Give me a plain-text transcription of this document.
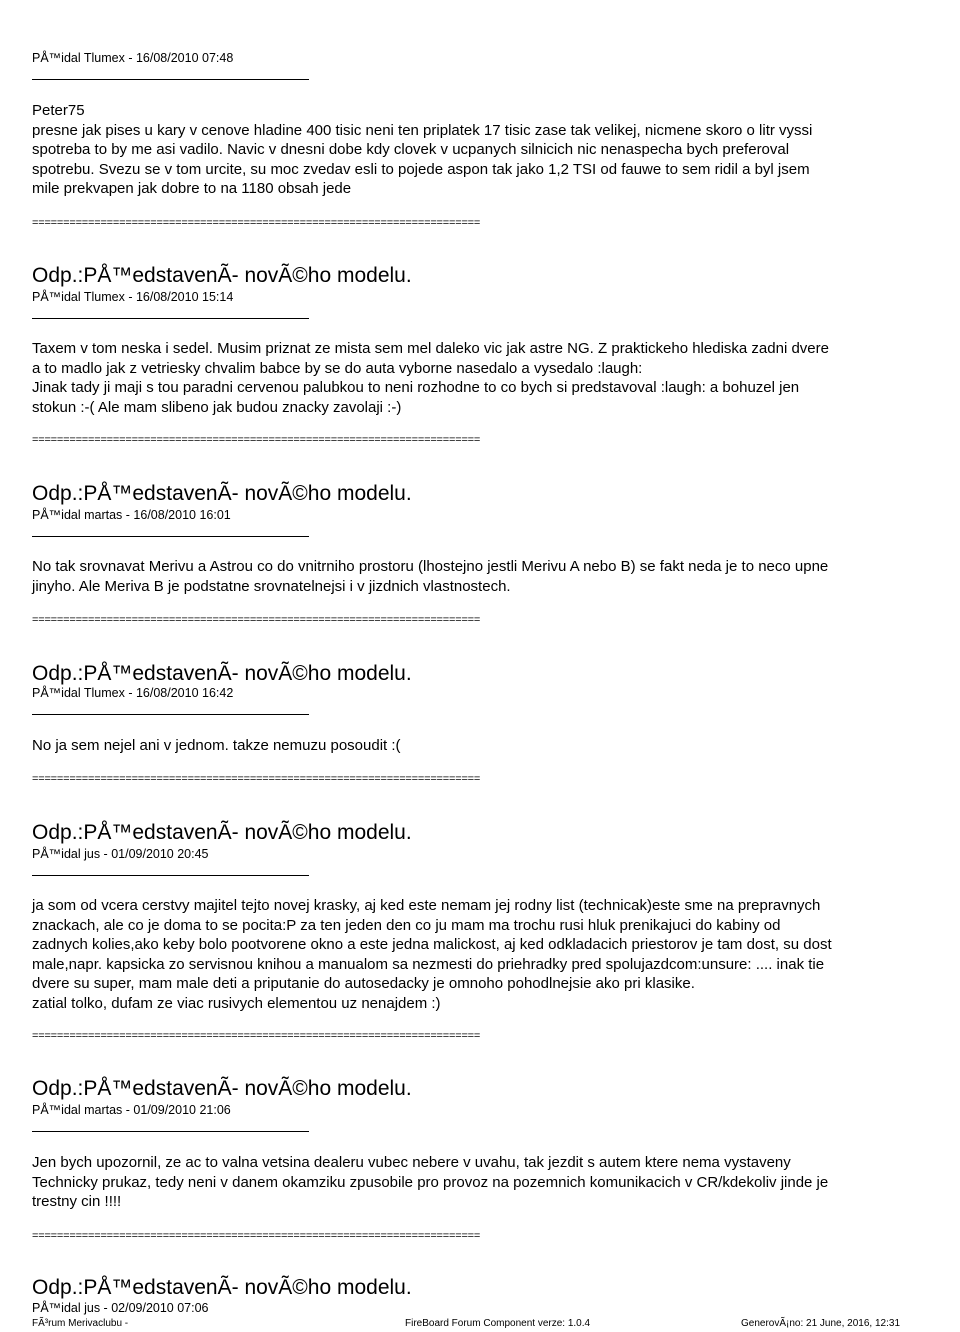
PÅ™idal Tlumex - 16/08/2010 07:48
Peter75
presne jak pises u kary v cenove hladine 400 tisic neni ten priplatek 17 tisic zase tak velikej, nicmene skoro o litr vyssi
spotreba to by me asi vadilo. Navic v dnesni dobe kdy clovek v ucpanych silnicich nic nenaspecha bych preferoval
spotrebu. Svezu se v tom urcite, su moc zvedav esli to pojede aspon tak jako 1,2 TSI od fauwe to sem ridil a byl jsem
mile prekvapen jak dobre to na 1180 obsah jede
========================================================================
Odp.:PÅ™edstavenÃ- novÃ©ho modelu.
PÅ™idal Tlumex - 16/08/2010 15:14
Taxem v tom neska i sedel. Musim priznat ze mista sem mel daleko vic jak astre NG. Z praktickeho hlediska zadni dvere
a to madlo jak z vetriesky chvalim babce by se do auta vyborne nasedalo a vysedalo :laugh:
Jinak tady ji maji s tou paradni cervenou palubkou to neni rozhodne to co bych si predstavoval :laugh: a bohuzel jen
stokun :-( Ale mam slibeno jak budou znacky zavolaji :-)
========================================================================
Odp.:PÅ™edstavenÃ- novÃ©ho modelu.
PÅ™idal martas - 16/08/2010 16:01
No tak srovnavat Merivu a Astrou co do vnitrniho prostoru (lhostejno jestli Merivu A nebo B) se fakt neda je to neco upne
jinyho. Ale Meriva B je podstatne srovnatelnejsi i v jizdnich vlastnostech.
========================================================================
Odp.:PÅ™edstavenÃ- novÃ©ho modelu.
PÅ™idal Tlumex - 16/08/2010 16:42
No ja sem nejel ani v jednom. takze nemuzu posoudit :(
========================================================================
Odp.:PÅ™edstavenÃ- novÃ©ho modelu.
PÅ™idal jus - 01/09/2010 20:45
ja som od vcera cerstvy majitel tejto novej krasky, aj ked este nemam jej rodny list (technicak)este sme na prepravnych
znackach, ale co je doma to se pocita:P za ten jeden den co ju mam ma trochu rusi hluk prenikajuci do kabiny od
zadnych kolies,ako keby bolo pootvorene okno a este jedna malickost, aj ked odkladacich priestorov je tam dost, su dost
male,napr. kapsicka zo servisnou knihou a manualom sa nezmesti do priehradky pred spolujazdcom:unsure: .... inak tie
dvere su super, mam male deti a priputanie do autosedacky je omnoho pohodlnejsie ako pri klasike.
zatial tolko, dufam ze viac rusivych elementou uz nenajdem :)
========================================================================
Odp.:PÅ™edstavenÃ- novÃ©ho modelu.
PÅ™idal martas - 01/09/2010 21:06
Jen bych upozornil, ze ac to valna vetsina dealeru vubec nebere v uvahu, tak jezdit s autem ktere nema vystaveny
Technicky prukaz, tedy neni v danem okamziku zpusobile pro provoz na pozemnich komunikacich v CR/kdekoliv jinde je
trestny cin !!!!
========================================================================
Odp.:PÅ™edstavenÃ- novÃ©ho modelu.
PÅ™idal jus - 02/09/2010 07:06
FÃ³rum Merivaclubu -	FireBoard Forum Component verze: 1.0.4	GenerovÃ¡no: 21 June, 2016, 12:31
